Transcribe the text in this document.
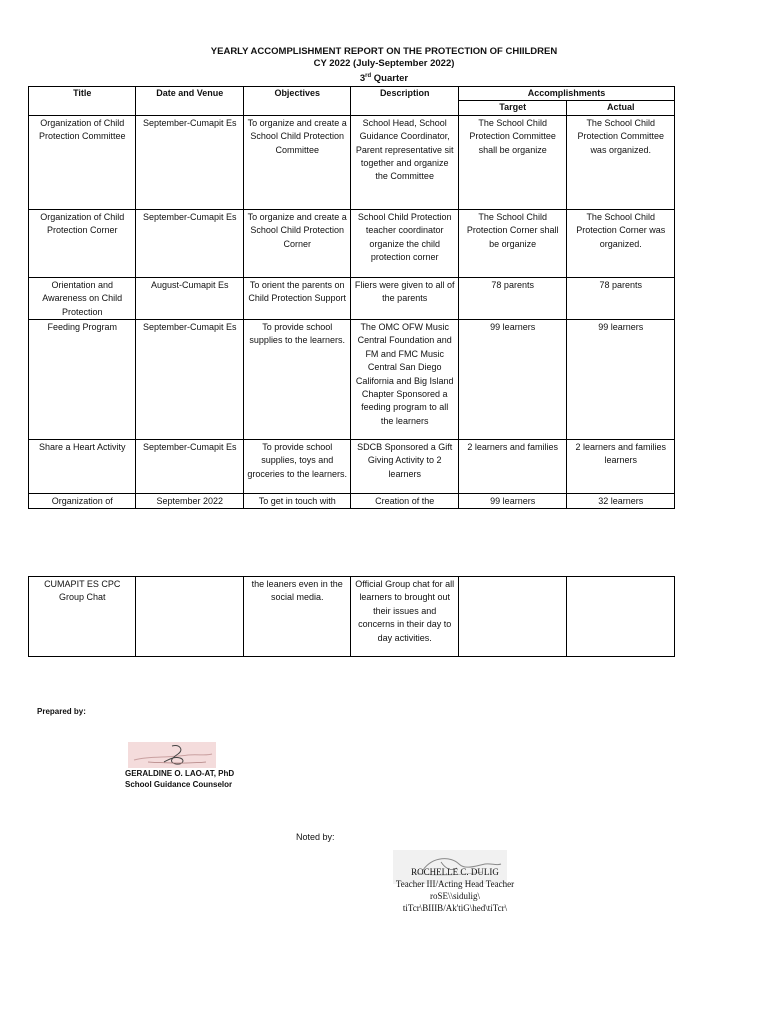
YEARLY ACCOMPLISHMENT REPORT ON THE PROTECTION OF CHIILDREN
CY 2022 (July-September 2022)
3rd Quarter
Title	Date and Venue	Objectives	Description	Accomplishments	
				Target	Actual
Organization of Child Protection Committee	September-Cumapit Es	To organize and create a School Child Protection Committee	School Head, School Guidance Coordinator, Parent representative sit together and organize the Committee	The School Child Protection Committee shall be organize	The School Child Protection Committee was organized.
Organization of Child Protection Corner	September-Cumapit Es	To organize and create a School Child Protection Corner	School Child Protection teacher coordinator organize the child protection corner	The School Child Protection Corner shall be organize	The School Child Protection Corner was organized.
Orientation and Awareness on Child Protection	August-Cumapit Es	To orient the parents on Child Protection Support	Fliers were given to all of the parents	78 parents	78 parents
Feeding Program	September-Cumapit Es	To provide school supplies to the learners.	The OMC OFW Music Central Foundation and FM and FMC Music Central San Diego California and Big Island Chapter Sponsored a feeding program to all the learners	99 learners	99 learners
Share a Heart Activity	September-Cumapit Es	To provide school supplies, toys and groceries to the learners.	SDCB Sponsored a Gift Giving Activity to 2 learners	2 learners and families	2 learners and families learners
Organization of	September 2022	To get in touch with	Creation of the	99 learners	32 learners
CUMAPIT ES CPC Group Chat		the leaners even in the social media.	Official Group chat for all learners to brought out their issues and concerns in their day to day activities.		
Prepared by:
GERALDINE O. LAO-AT, PhD
School Guidance Counselor
Noted by:
ROCHELLE C. DULIG
Teacher III/Acting Head Teacher
roSE\\sidulig\
tiTcr\BIIIB/Ak'tiG\hed\tiTcr\
